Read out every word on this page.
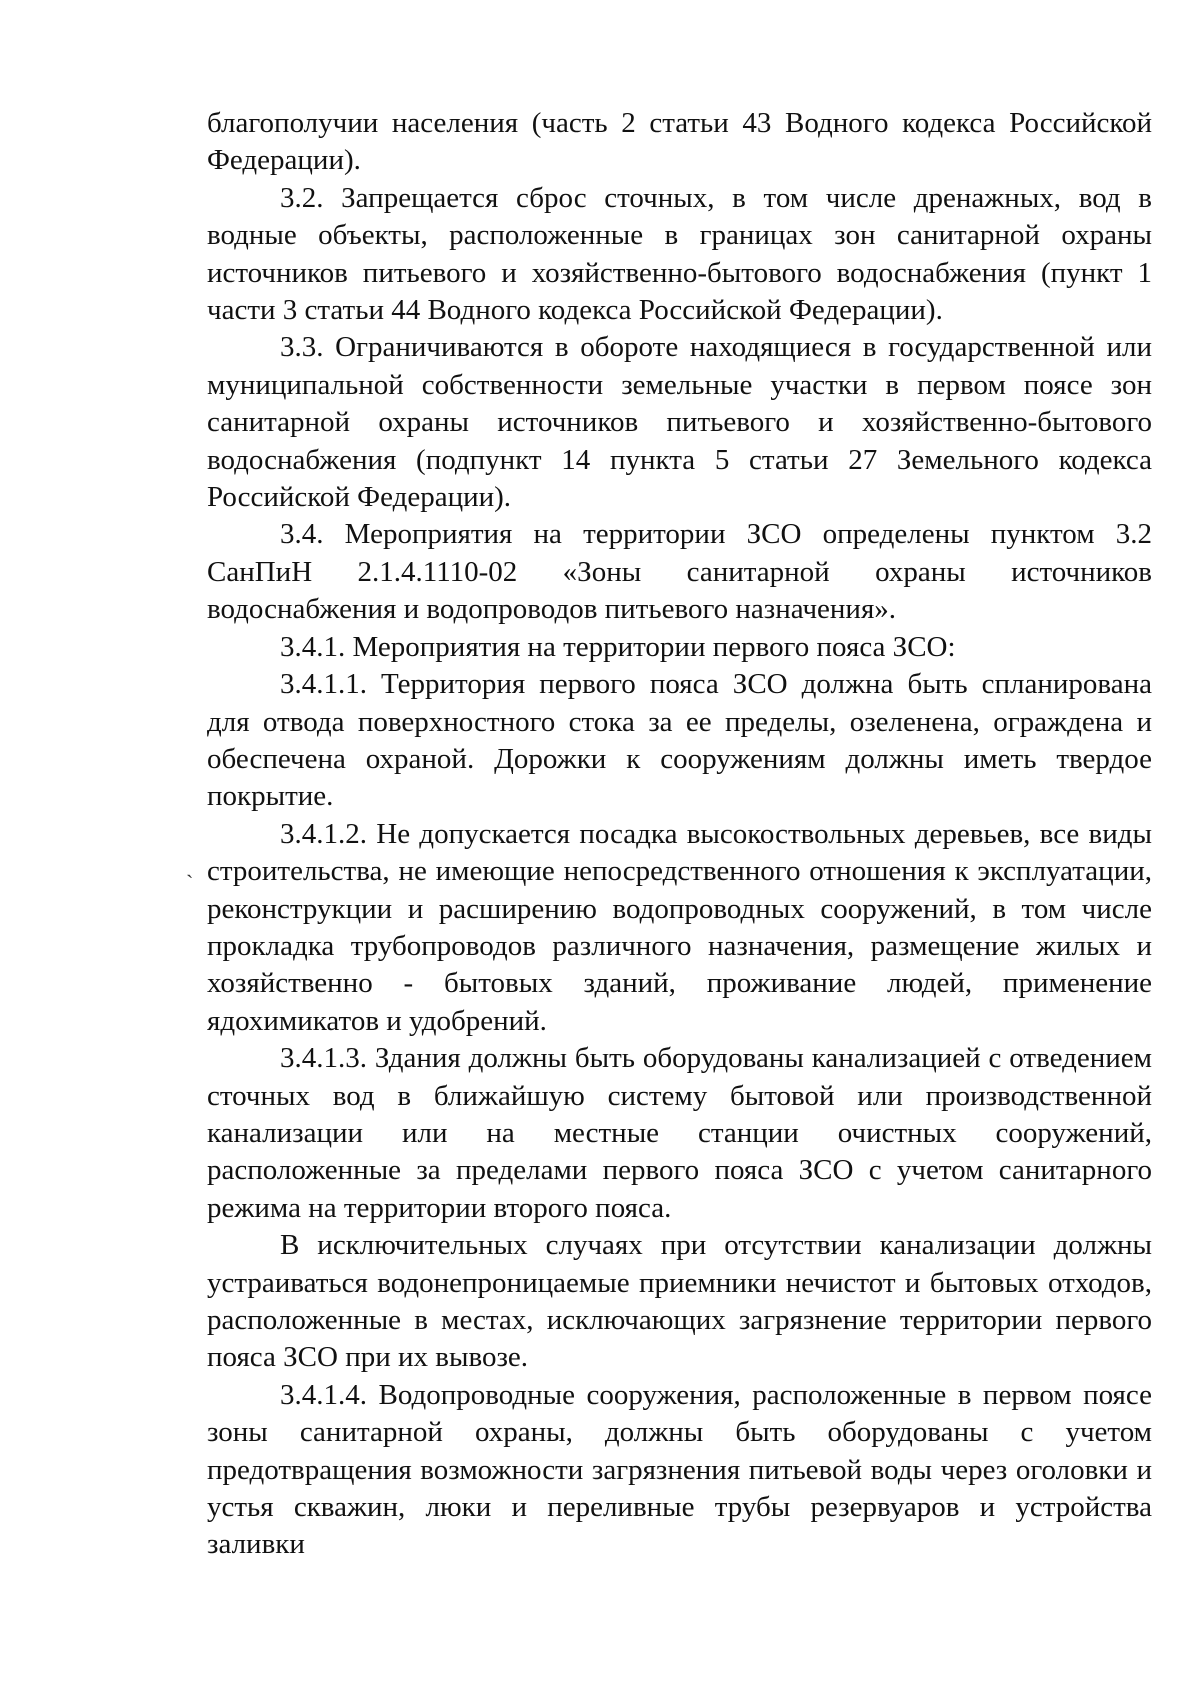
`

благополучии населения (часть 2 статьи 43 Водного кодекса Российской Федерации).

3.2. Запрещается сброс сточных, в том числе дренажных, вод в водные объекты, расположенные в границах зон санитарной охраны источников питьевого и хозяйственно-бытового водоснабжения (пункт 1 части 3 статьи 44 Водного кодекса Российской Федерации).

3.3. Ограничиваются в обороте находящиеся в государственной или муниципальной собственности земельные участки в первом поясе зон санитарной охраны источников питьевого и хозяйственно-бытового водоснабжения (подпункт 14 пункта 5 статьи 27 Земельного кодекса Российской Федерации).

3.4. Мероприятия на территории ЗСО определены пунктом 3.2 СанПиН 2.1.4.1110-02 «Зоны санитарной охраны источников водоснабжения и водопроводов питьевого назначения».

3.4.1. Мероприятия на территории первого пояса ЗСО:

3.4.1.1. Территория первого пояса ЗСО должна быть спланирована для отвода поверхностного стока за ее пределы, озеленена, ограждена и обеспечена охраной. Дорожки к сооружениям должны иметь твердое покрытие.

3.4.1.2. Не допускается посадка высокоствольных деревьев, все виды строительства, не имеющие непосредственного отношения к эксплуатации, реконструкции и расширению водопроводных сооружений, в том числе прокладка трубопроводов различного назначения, размещение жилых и хозяйственно - бытовых зданий, проживание людей, применение ядохимикатов и удобрений.

3.4.1.3. Здания должны быть оборудованы канализацией с отведением сточных вод в ближайшую систему бытовой или производственной канализации или на местные станции очистных сооружений, расположенные за пределами первого пояса ЗСО с учетом санитарного режима на территории второго пояса.

В исключительных случаях при отсутствии канализации должны устраиваться водонепроницаемые приемники нечистот и бытовых отходов, расположенные в местах, исключающих загрязнение территории первого пояса ЗСО при их вывозе.

3.4.1.4. Водопроводные сооружения, расположенные в первом поясе зоны санитарной охраны, должны быть оборудованы с учетом предотвращения возможности загрязнения питьевой воды через оголовки и устья скважин, люки и переливные трубы резервуаров и устройства заливки
